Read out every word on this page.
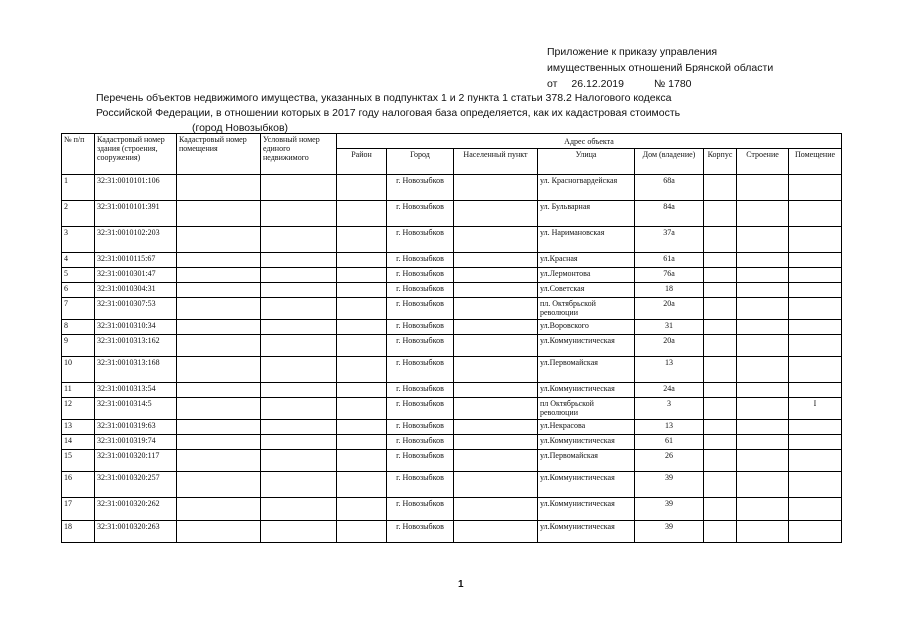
Приложение к приказу управления
имущественных отношений Брянской области
от 26.12.2019	№ 1780
Перечень объектов недвижимого имущества, указанных в подпунктах 1 и 2 пункта 1 статьи 378.2 Налогового кодекса
Российской Федерации, в отношении которых в 2017 году налоговая база определяется, как их кадастровая стоимость
(город Новозыбков)
№ п/п	Кадастровый номер здания (строения, сооружения)	Кадастровый номер помещения	Условный номер единого недвижимого	Адрес объекта							
				Район	Город	Населенный пункт	Улица	Дом (владение)	Корпус	Строение	Помещение
1	32:31:0010101:106				г. Новозыбков		ул. Красногвардейская	68а			
2	32:31:0010101:391				г. Новозыбков		ул. Бульварная	84а			
3	32:31:0010102:203				г. Новозыбков		ул. Наримановская	37а			
4	32:31:0010115:67				г. Новозыбков		ул.Красная	61а			
5	32:31:0010301:47				г. Новозыбков		ул.Лермонтова	76а			
6	32:31:0010304:31				г. Новозыбков		ул.Советская	18			
7	32:31:0010307:53				г. Новозыбков		пл. Октябрьской революции	20а			
8	32:31:0010310:34				г. Новозыбков		ул.Воровского	31			
9	32:31:0010313:162				г. Новозыбков		ул.Коммунистическая	20а			
10	32:31:0010313:168				г. Новозыбков		ул.Первомайская	13			
11	32:31:0010313:54				г. Новозыбков		ул.Коммунистическая	24а			
12	32:31:0010314:5				г. Новозыбков		пл Октябрьской революции	3			I
13	32:31:0010319:63				г. Новозыбков		ул.Некрасова	13			
14	32:31:0010319:74				г. Новозыбков		ул.Коммунистическая	61			
15	32:31:0010320:117				г. Новозыбков		ул.Первомайская	26			
16	32:31:0010320:257				г. Новозыбков		ул.Коммунистическая	39			
17	32:31:0010320:262				г. Новозыбков		ул.Коммунистическая	39			
18	32:31:0010320:263				г. Новозыбков		ул.Коммунистическая	39			
1
